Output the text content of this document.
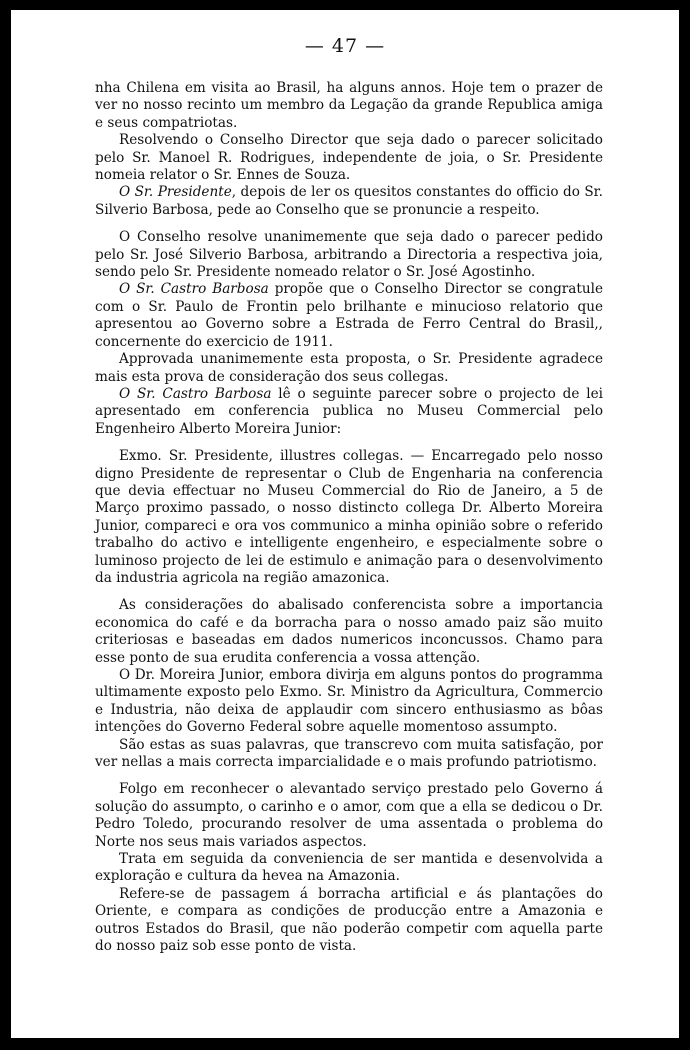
— 47 —

nha Chilena em visita ao Brasil, ha alguns annos. Hoje tem o prazer de ver no nosso recinto um membro da Legação da grande Republica amiga e seus compatriotas.

Resolvendo o Conselho Director que seja dado o parecer solicitado pelo Sr. Manoel R. Rodrigues, independente de joia, o Sr. Presidente nomeia relator o Sr. Ennes de Souza.

O Sr. Presidente, depois de ler os quesitos constantes do officio do Sr. Silverio Barbosa, pede ao Conselho que se pronuncie a respeito.

O Conselho resolve unanimemente que seja dado o parecer pedido pelo Sr. José Silverio Barbosa, arbitrando a Directoria a respectiva joia, sendo pelo Sr. Presidente nomeado relator o Sr. José Agostinho.

O Sr. Castro Barbosa propõe que o Conselho Director se congratule com o Sr. Paulo de Frontin pelo brilhante e minucioso relatorio que apresentou ao Governo sobre a Estrada de Ferro Central do Brasil,, concernente do exercicio de 1911.

Approvada unanimemente esta proposta, o Sr. Presidente agradece mais esta prova de consideração dos seus collegas.

O Sr. Castro Barbosa lê o seguinte parecer sobre o projecto de lei apresentado em conferencia publica no Museu Commercial pelo Engenheiro Alberto Moreira Junior:

Exmo. Sr. Presidente, illustres collegas. — Encarregado pelo nosso digno Presidente de representar o Club de Engenharia na conferencia que devia effectuar no Museu Commercial do Rio de Janeiro, a 5 de Março proximo passado, o nosso distincto collega Dr. Alberto Moreira Junior, compareci e ora vos communico a minha opinião sobre o referido trabalho do activo e intelligente engenheiro, e especialmente sobre o luminoso projecto de lei de estimulo e animação para o desenvolvimento da industria agricola na região amazonica.

As considerações do abalisado conferencista sobre a importancia economica do café e da borracha para o nosso amado paiz são muito criteriosas e baseadas em dados numericos inconcussos. Chamo para esse ponto de sua erudita conferencia a vossa attenção.

O Dr. Moreira Junior, embora divirja em alguns pontos do programma ultimamente exposto pelo Exmo. Sr. Ministro da Agricultura, Commercio e Industria, não deixa de applaudir com sincero enthusiasmo as bôas intenções do Governo Federal sobre aquelle momentoso assumpto.

São estas as suas palavras, que transcrevo com muita satisfação, por ver nellas a mais correcta imparcialidade e o mais profundo patriotismo.

Folgo em reconhecer o alevantado serviço prestado pelo Governo á solução do assumpto, o carinho e o amor, com que a ella se dedicou o Dr. Pedro Toledo, procurando resolver de uma assentada o problema do Norte nos seus mais variados aspectos.

Trata em seguida da conveniencia de ser mantida e desenvolvida a exploração e cultura da hevea na Amazonia.

Refere-se de passagem á borracha artificial e ás plantações do Oriente, e compara as condições de producção entre a Amazonia e outros Estados do Brasil, que não poderão competir com aquella parte do nosso paiz sob esse ponto de vista.
